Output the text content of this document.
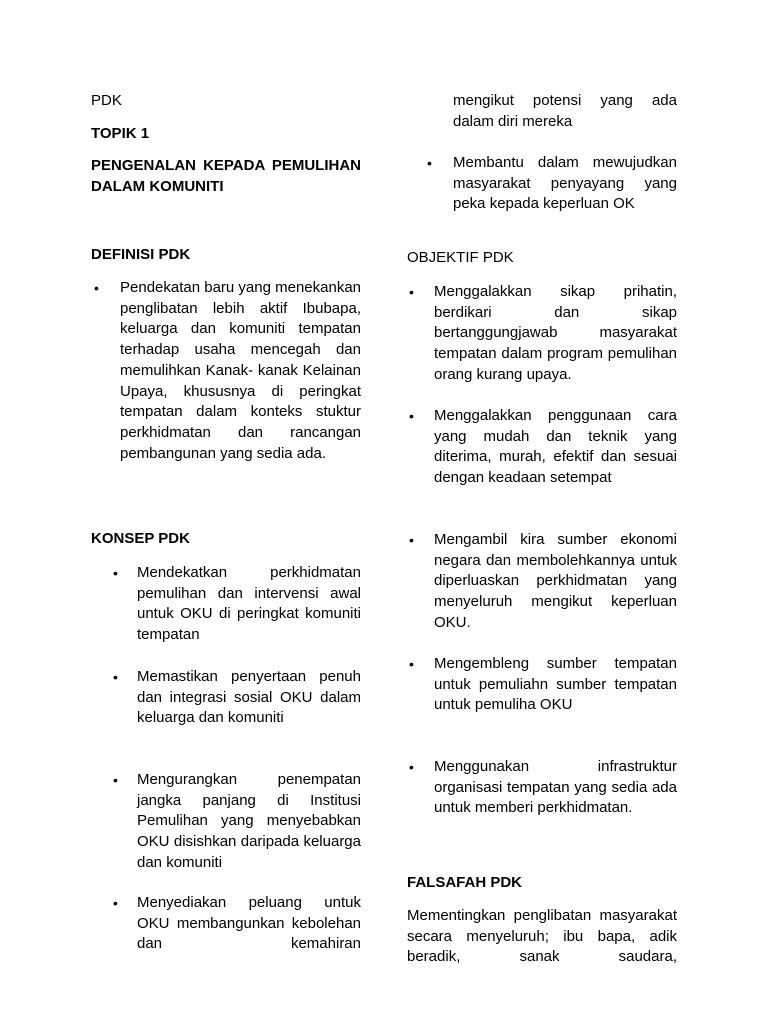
PDK

TOPIK 1

PENGENALAN KEPADA PEMULIHAN DALAM KOMUNITI

DEFINISI PDK

• Pendekatan baru yang menekankan penglibatan lebih aktif Ibubapa, keluarga dan komuniti tempatan terhadap usaha mencegah dan memulihkan Kanak- kanak Kelainan Upaya, khususnya di peringkat tempatan dalam konteks stuktur perkhidmatan dan rancangan pembangunan yang sedia ada.

KONSEP PDK

• Mendekatkan perkhidmatan pemulihan dan intervensi awal untuk OKU di peringkat komuniti tempatan

• Memastikan penyertaan penuh dan integrasi sosial OKU dalam keluarga dan komuniti

• Mengurangkan penempatan jangka panjang di Institusi Pemulihan yang menyebabkan OKU disishkan daripada keluarga dan komuniti

• Menyediakan peluang untuk OKU membangunkan kebolehan dan kemahiran

mengikut potensi yang ada dalam diri mereka

• Membantu dalam mewujudkan masyarakat penyayang yang peka kepada keperluan OK

OBJEKTIF PDK

• Menggalakkan sikap prihatin, berdikari dan sikap bertanggungjawab masyarakat tempatan dalam program pemulihan orang kurang upaya.

• Menggalakkan penggunaan cara yang mudah dan teknik yang diterima, murah, efektif dan sesuai dengan keadaan setempat

• Mengambil kira sumber ekonomi negara dan membolehkannya untuk diperluaskan perkhidmatan yang menyeluruh mengikut keperluan OKU.

• Mengembleng sumber tempatan untuk pemuliahn sumber tempatan untuk pemuliha OKU

• Menggunakan infrastruktur organisasi tempatan yang sedia ada untuk memberi perkhidmatan.

FALSAFAH PDK

Mementingkan penglibatan masyarakat secara menyeluruh; ibu bapa, adik beradik, sanak saudara,
